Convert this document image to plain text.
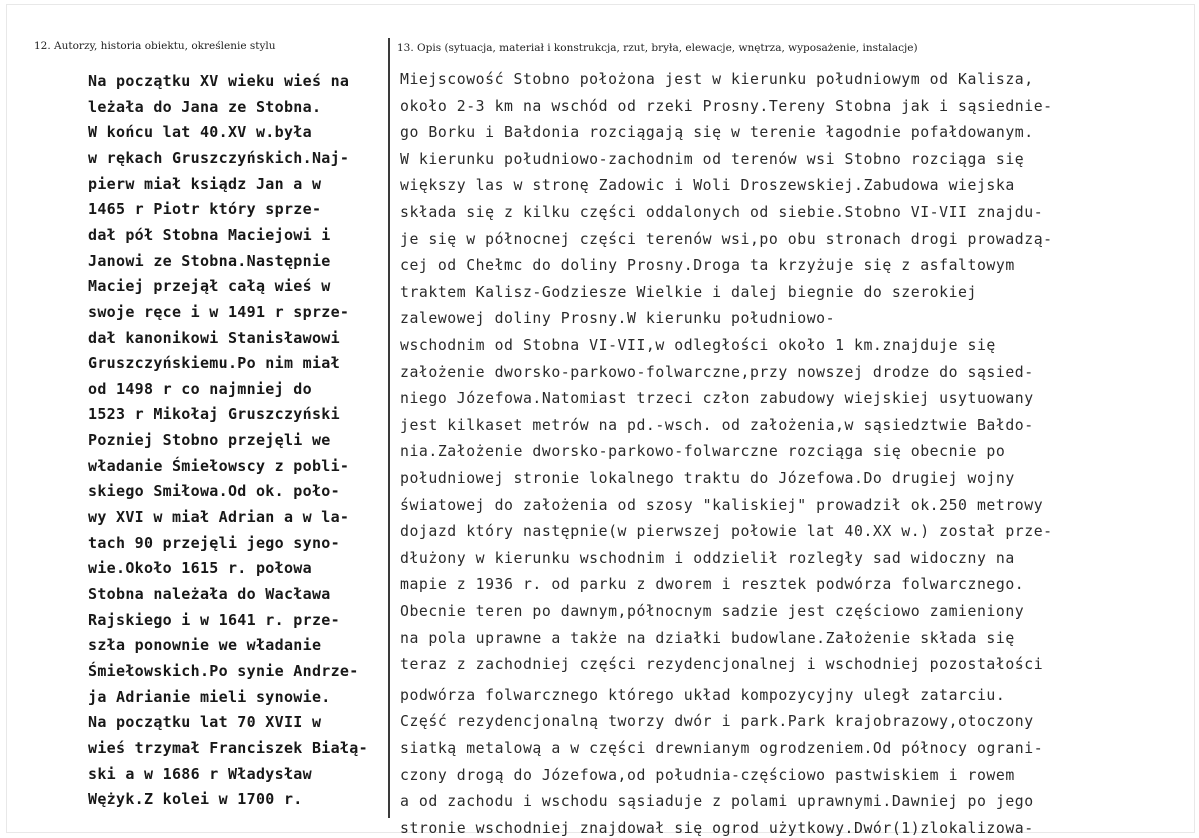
12. Autorzy, historia obiektu, określenie stylu	13. Opis (sytuacja, materiał i konstrukcja, rzut, bryła, elewacje, wnętrza, wyposażenie, instalacje)
Na początku XV wieku wieś na
leżała do Jana ze Stobna.
W końcu lat 40.XV w.była
w rękach Gruszczyńskich.Naj-
pierw miał ksiądz Jan a w
1465 r Piotr który sprze-
dał pół Stobna Maciejowi i
Janowi ze Stobna.Następnie
Maciej przejął całą wieś w
swoje ręce i w 1491 r sprze-
dał kanonikowi Stanisławowi
Gruszczyńskiemu.Po nim miał
od 1498 r co najmniej do
1523 r Mikołaj Gruszczyński
Pozniej Stobno przejęli we
władanie Śmiełowscy z pobli-
skiego Smiłowa.Od ok. poło-
wy XVI w miał Adrian a w la-
tach 90 przejęli jego syno-
wie.Około 1615 r. połowa
Stobna należała do Wacława
Rajskiego i w 1641 r. prze-
szła ponownie we władanie
Śmiełowskich.Po synie Andrze-
ja Adrianie mieli synowie.
Na początku lat 70 XVII w
wieś trzymał Franciszek Białą-
ski a w 1686 r Władysław
Wężyk.Z kolei w 1700 r.
Miejscowość Stobno położona jest w kierunku południowym od Kalisza,
około 2-3 km na wschód od rzeki Prosny.Tereny Stobna jak i sąsiednie-
go Borku i Bałdonia rozciągają się w terenie łagodnie pofałdowanym.
W kierunku południowo-zachodnim od terenów wsi Stobno rozciąga się
większy las w stronę Zadowic i Woli Droszewskiej.Zabudowa wiejska
składa się z kilku części oddalonych od siebie.Stobno VI-VII znajdu-
je się w północnej części terenów wsi,po obu stronach drogi prowadzą-
cej od Chełmc do doliny Prosny.Droga ta krzyżuje się z asfaltowym
traktem Kalisz-Godziesze Wielkie i dalej biegnie do szerokiej
zalewowej doliny Prosny.W kierunku południowo-
wschodnim od Stobna VI-VII,w odległości około 1 km.znajduje się
założenie dworsko-parkowo-folwarczne,przy nowszej drodze do sąsied-
niego Józefowa.Natomiast trzeci człon zabudowy wiejskiej usytuowany
jest kilkaset metrów na pd.-wsch. od założenia,w sąsiedztwie Bałdo-
nia.Założenie dworsko-parkowo-folwarczne rozciąga się obecnie po
południowej stronie lokalnego traktu do Józefowa.Do drugiej wojny
światowej do założenia od szosy "kaliskiej" prowadził ok.250 metrowy
dojazd który następnie(w pierwszej połowie lat 40.XX w.) został prze-
dłużony w kierunku wschodnim i oddzielił rozległy sad widoczny na
mapie z 1936 r. od parku z dworem i resztek podwórza folwarcznego.
Obecnie teren po dawnym,północnym sadzie jest częściowo zamieniony
na pola uprawne a także na działki budowlane.Założenie składa się
teraz z zachodniej części rezydencjonalnej i wschodniej pozostałości
podwórza folwarcznego którego układ kompozycyjny uległ zatarciu.
Część rezydencjonalną tworzy dwór i park.Park krajobrazowy,otoczony
siatką metalową a w części drewnianym ogrodzeniem.Od północy ograni-
czony drogą do Józefowa,od południa-częściowo pastwiskiem i rowem
a od zachodu i wschodu sąsiaduje z polami uprawnymi.Dawniej po jego
stronie wschodniej znajdował się ogrod użytkowy.Dwór(1)zlokalizowa-
